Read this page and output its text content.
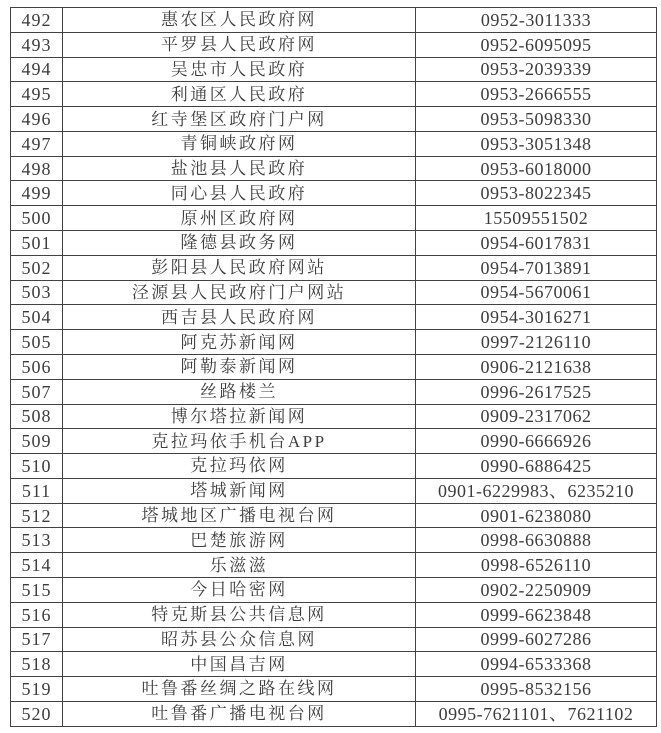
492	惠农区人民政府网	0952-3011333
493	平罗县人民政府网	0952-6095095
494	吴忠市人民政府	0953-2039339
495	利通区人民政府	0953-2666555
496	红寺堡区政府门户网	0953-5098330
497	青铜峡政府网	0953-3051348
498	盐池县人民政府	0953-6018000
499	同心县人民政府	0953-8022345
500	原州区政府网	15509551502
501	隆德县政务网	0954-6017831
502	彭阳县人民政府网站	0954-7013891
503	泾源县人民政府门户网站	0954-5670061
504	西吉县人民政府网	0954-3016271
505	阿克苏新闻网	0997-2126110
506	阿勒泰新闻网	0906-2121638
507	丝路楼兰	0996-2617525
508	博尔塔拉新闻网	0909-2317062
509	克拉玛依手机台APP	0990-6666926
510	克拉玛依网	0990-6886425
511	塔城新闻网	0901-6229983、6235210
512	塔城地区广播电视台网	0901-6238080
513	巴楚旅游网	0998-6630888
514	乐滋滋	0998-6526110
515	今日哈密网	0902-2250909
516	特克斯县公共信息网	0999-6623848
517	昭苏县公众信息网	0999-6027286
518	中国昌吉网	0994-6533368
519	吐鲁番丝绸之路在线网	0995-8532156
520	吐鲁番广播电视台网	0995-7621101、7621102
